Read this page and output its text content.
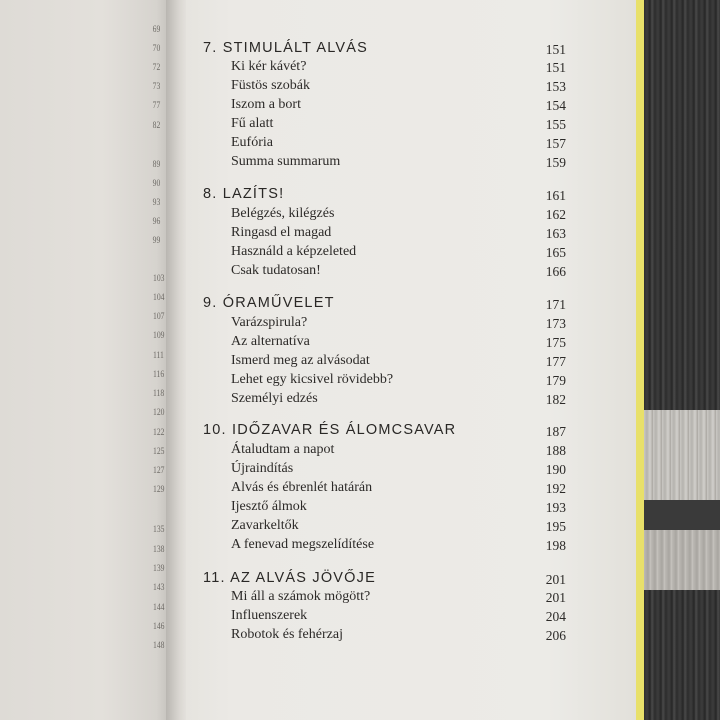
69
70
72
73
77
82
89
90
93
96
99
103
104
107
109
111
116
118
120
122
125
127
129
135
138
139
143
144
146
148
7. STIMULÁLT ALVÁS	151
Ki kér kávét?	151
Füstös szobák	153
Iszom a bort	154
Fű alatt	155
Eufória	157
Summa summarum	159
8. LAZÍTS!	161
Belégzés, kilégzés	162
Ringasd el magad	163
Használd a képzeleted	165
Csak tudatosan!	166
9. ÓRAMŰVELET	171
Varázspirula?	173
Az alternatíva	175
Ismerd meg az alvásodat	177
Lehet egy kicsivel rövidebb?	179
Személyi edzés	182
10. IDŐZAVAR ÉS ÁLOMCSAVAR	187
Átaludtam a napot	188
Újraindítás	190
Alvás és ébrenlét határán	192
Ijesztő álmok	193
Zavarkeltők	195
A fenevad megszelídítése	198
11. AZ ALVÁS JÖVŐJE	201
Mi áll a számok mögött?	201
Influenszerek	204
Robotok és fehérzaj	206
